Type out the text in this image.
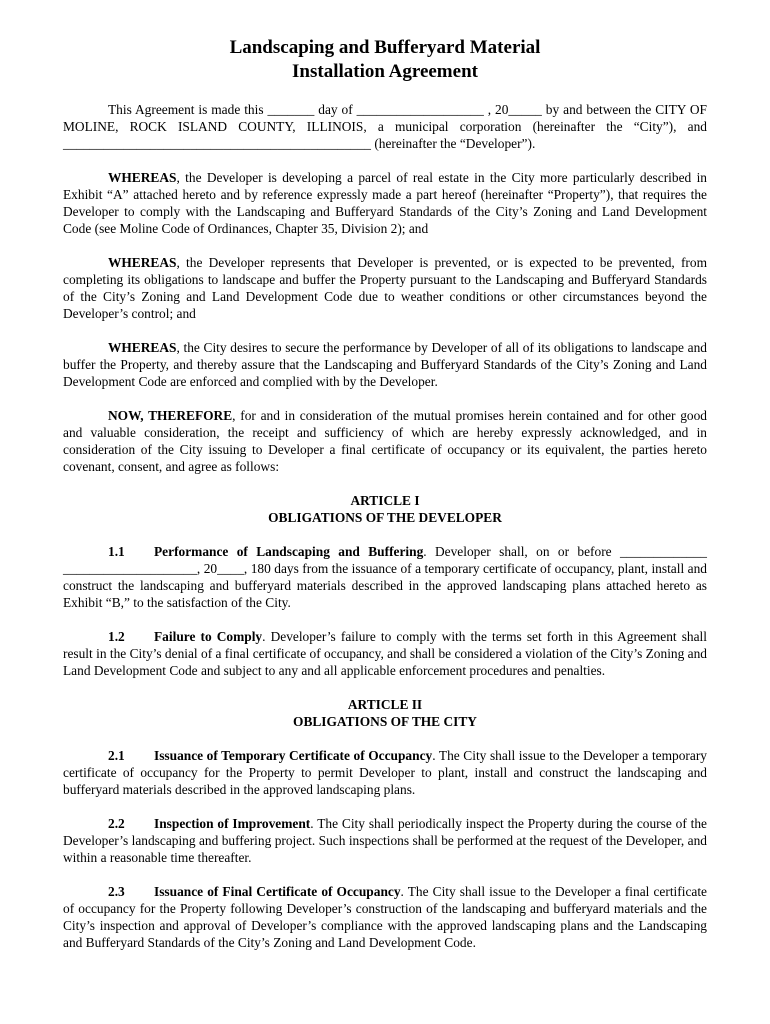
Landscaping and Bufferyard Material
Installation Agreement

This Agreement is made this _______ day of ___________________ , 20_____ by and between the CITY OF MOLINE, ROCK ISLAND COUNTY, ILLINOIS, a municipal corporation (hereinafter the “City”), and ______________________________________________ (hereinafter the “Developer”).

WHEREAS, the Developer is developing a parcel of real estate in the City more particularly described in Exhibit “A” attached hereto and by reference expressly made a part hereof (hereinafter “Property”), that requires the Developer to comply with the Landscaping and Bufferyard Standards of the City’s Zoning and Land Development Code (see Moline Code of Ordinances, Chapter 35, Division 2); and

WHEREAS, the Developer represents that Developer is prevented, or is expected to be prevented, from completing its obligations to landscape and buffer the Property pursuant to the Landscaping and Bufferyard Standards of the City’s Zoning and Land Development Code due to weather conditions or other circumstances beyond the Developer’s control; and

WHEREAS, the City desires to secure the performance by Developer of all of its obligations to landscape and buffer the Property, and thereby assure that the Landscaping and Bufferyard Standards of the City’s Zoning and Land Development Code are enforced and complied with by the Developer.

NOW, THEREFORE, for and in consideration of the mutual promises herein contained and for other good and valuable consideration, the receipt and sufficiency of which are hereby expressly acknowledged, and in consideration of the City issuing to Developer a final certificate of occupancy or its equivalent, the parties hereto covenant, consent, and agree as follows:

ARTICLE I
OBLIGATIONS OF THE DEVELOPER

1.1 Performance of Landscaping and Buffering. Developer shall, on or before _____________ ____________________, 20____, 180 days from the issuance of a temporary certificate of occupancy, plant, install and construct the landscaping and bufferyard materials described in the approved landscaping plans attached hereto as Exhibit “B,” to the satisfaction of the City.

1.2 Failure to Comply. Developer’s failure to comply with the terms set forth in this Agreement shall result in the City’s denial of a final certificate of occupancy, and shall be considered a violation of the City’s Zoning and Land Development Code and subject to any and all applicable enforcement procedures and penalties.

ARTICLE II
OBLIGATIONS OF THE CITY

2.1 Issuance of Temporary Certificate of Occupancy. The City shall issue to the Developer a temporary certificate of occupancy for the Property to permit Developer to plant, install and construct the landscaping and bufferyard materials described in the approved landscaping plans.

2.2 Inspection of Improvement. The City shall periodically inspect the Property during the course of the Developer’s landscaping and buffering project. Such inspections shall be performed at the request of the Developer, and within a reasonable time thereafter.

2.3 Issuance of Final Certificate of Occupancy. The City shall issue to the Developer a final certificate of occupancy for the Property following Developer’s construction of the landscaping and bufferyard materials and the City’s inspection and approval of Developer’s compliance with the approved landscaping plans and the Landscaping and Bufferyard Standards of the City’s Zoning and Land Development Code.
